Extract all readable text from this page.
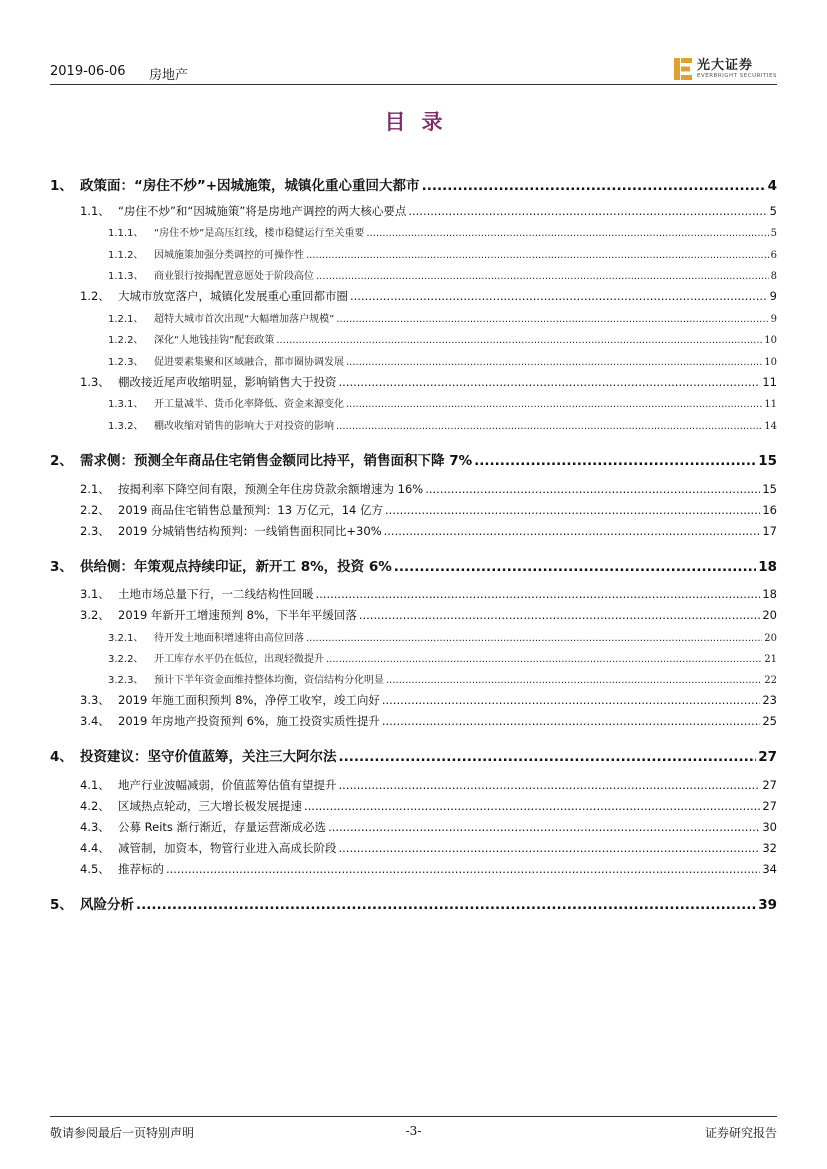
2019-06-06 房地产
光大证券
EVERBRIGHT SECURITIES
目录
1、 政策面：“房住不炒”+因城施策，城镇化重心重回大都市 .....	4
1.1、 “房住不炒”和“因城施策”将是房地产调控的两大核心要点 .....	5
1.1.1、	“房住不炒”是高压红线，楼市稳健运行至关重要 .....	5
1.1.2、	因城施策加强分类调控的可操作性 .....	6
1.1.3、	商业银行按揭配置意愿处于阶段高位 .....	8
1.2、 大城市放宽落户，城镇化发展重心重回都市圈 .....	9
1.2.1、	超特大城市首次出现“大幅增加落户规模” .....	9
1.2.2、	深化“人地钱挂钩”配套政策 .....	10
1.2.3、	促进要素集聚和区域融合，都市圈协调发展 .....	10
1.3、 棚改接近尾声收缩明显，影响销售大于投资 .....	11
1.3.1、	开工量减半、货币化率降低、资金来源变化 .....	11
1.3.2、	棚改收缩对销售的影响大于对投资的影响 .....	14
2、 需求侧：预测全年商品住宅销售金额同比持平，销售面积下降 7% .....	15
2.1、 按揭利率下降空间有限，预测全年住房贷款余额增速为 16% .....	15
2.2、 2019 商品住宅销售总量预判：13 万亿元，14 亿方 .....	16
2.3、 2019 分城销售结构预判：一线销售面积同比+30% .....	17
3、 供给侧：年策观点持续印证，新开工 8%，投资 6% .....	18
3.1、 土地市场总量下行，一二线结构性回暖 .....	18
3.2、 2019 年新开工增速预判 8%，下半年平缓回落 .....	20
3.2.1、	待开发土地面积增速将由高位回落 .....	20
3.2.2、	开工库存水平仍在低位，出现轻微提升 .....	21
3.2.3、	预计下半年资金面维持整体均衡，资信结构分化明显 .....	22
3.3、 2019 年施工面积预判 8%，净停工收窄，竣工向好 .....	23
3.4、 2019 年房地产投资预判 6%，施工投资实质性提升 .....	25
4、 投资建议：坚守价值蓝筹，关注三大阿尔法 .....	27
4.1、 地产行业波幅减弱，价值蓝筹估值有望提升 .....	27
4.2、 区域热点轮动，三大增长极发展提速 .....	27
4.3、 公募 Reits 渐行渐近，存量运营渐成必选 .....	30
4.4、 减管制，加资本，物管行业进入高成长阶段 .....	32
4.5、 推荐标的 .....	34
5、 风险分析 .....	39
敬请参阅最后一页特别声明	-3-	证券研究报告
